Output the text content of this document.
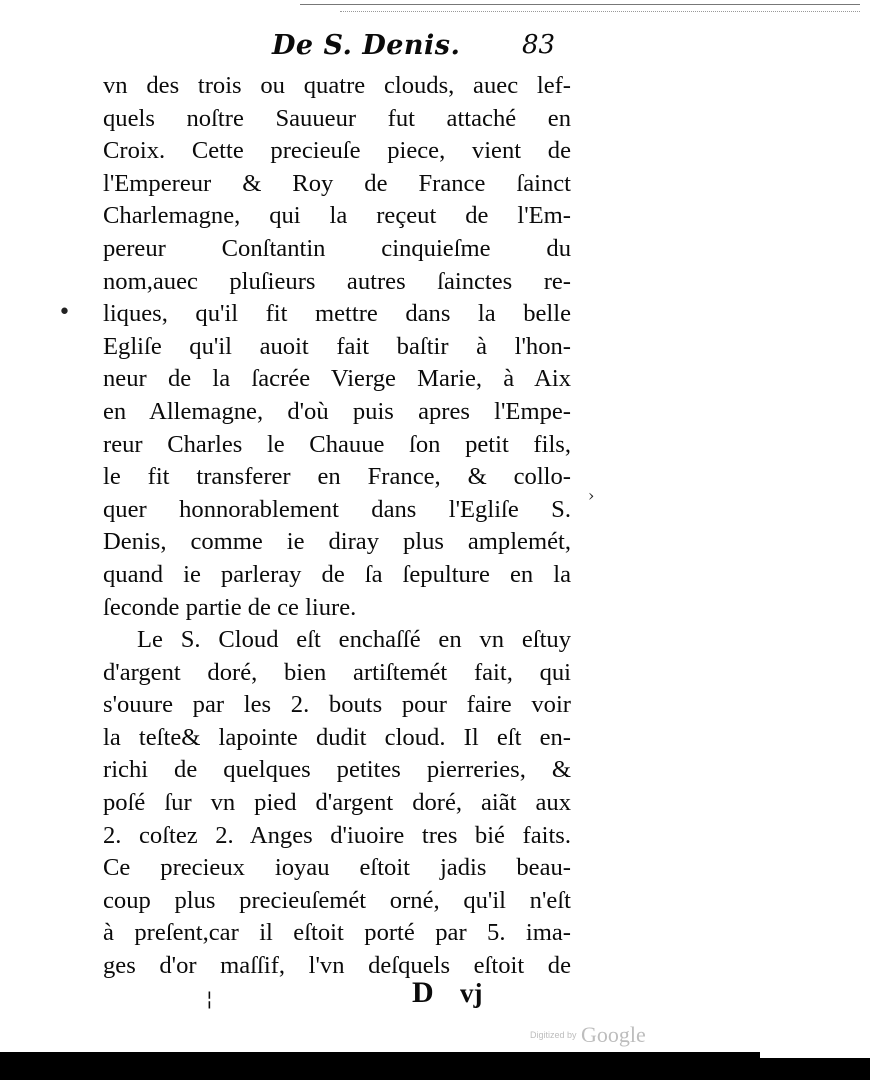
De S. Denis. 83
vn des trois ou quatre clouds, auec lef-
quels noſtre Sauueur fut attaché en
Croix. Cette precieuſe piece, vient de
l'Empereur & Roy de France ſainct
Charlemagne, qui la reçeut de l'Em-
pereur Conſtantin cinquieſme du
nom,auec pluſieurs autres ſainctes re-
liques, qu'il fit mettre dans la belle
Egliſe qu'il auoit fait baſtir à l'hon-
neur de la ſacrée Vierge Marie, à Aix
en Allemagne, d'où puis apres l'Empe-
reur Charles le Chauue ſon petit fils,
le fit transferer en France, & collo-
quer honnorablement dans l'Egliſe S.
Denis, comme ie diray plus amplemét,
quand ie parleray de ſa ſepulture en la
ſeconde partie de ce liure.
Le S. Cloud eſt enchaſſé en vn eſtuy
d'argent doré, bien artiſtemét fait, qui
s'ouure par les 2. bouts pour faire voir
la teſte& lapointe dudit cloud. Il eſt en-
richi de quelques petites pierreries, &
poſé ſur vn pied d'argent doré, aiãt aux
2. coſtez 2. Anges d'iuoire tres bié faits.
Ce precieux ioyau eſtoit jadis beau-
coup plus precieuſemét orné, qu'il n'eſt
à preſent,car il eſtoit porté par 5. ima-
ges d'or maſſif, l'vn deſquels eſtoit de
•
›
¦	D vj
Digitized by Google
